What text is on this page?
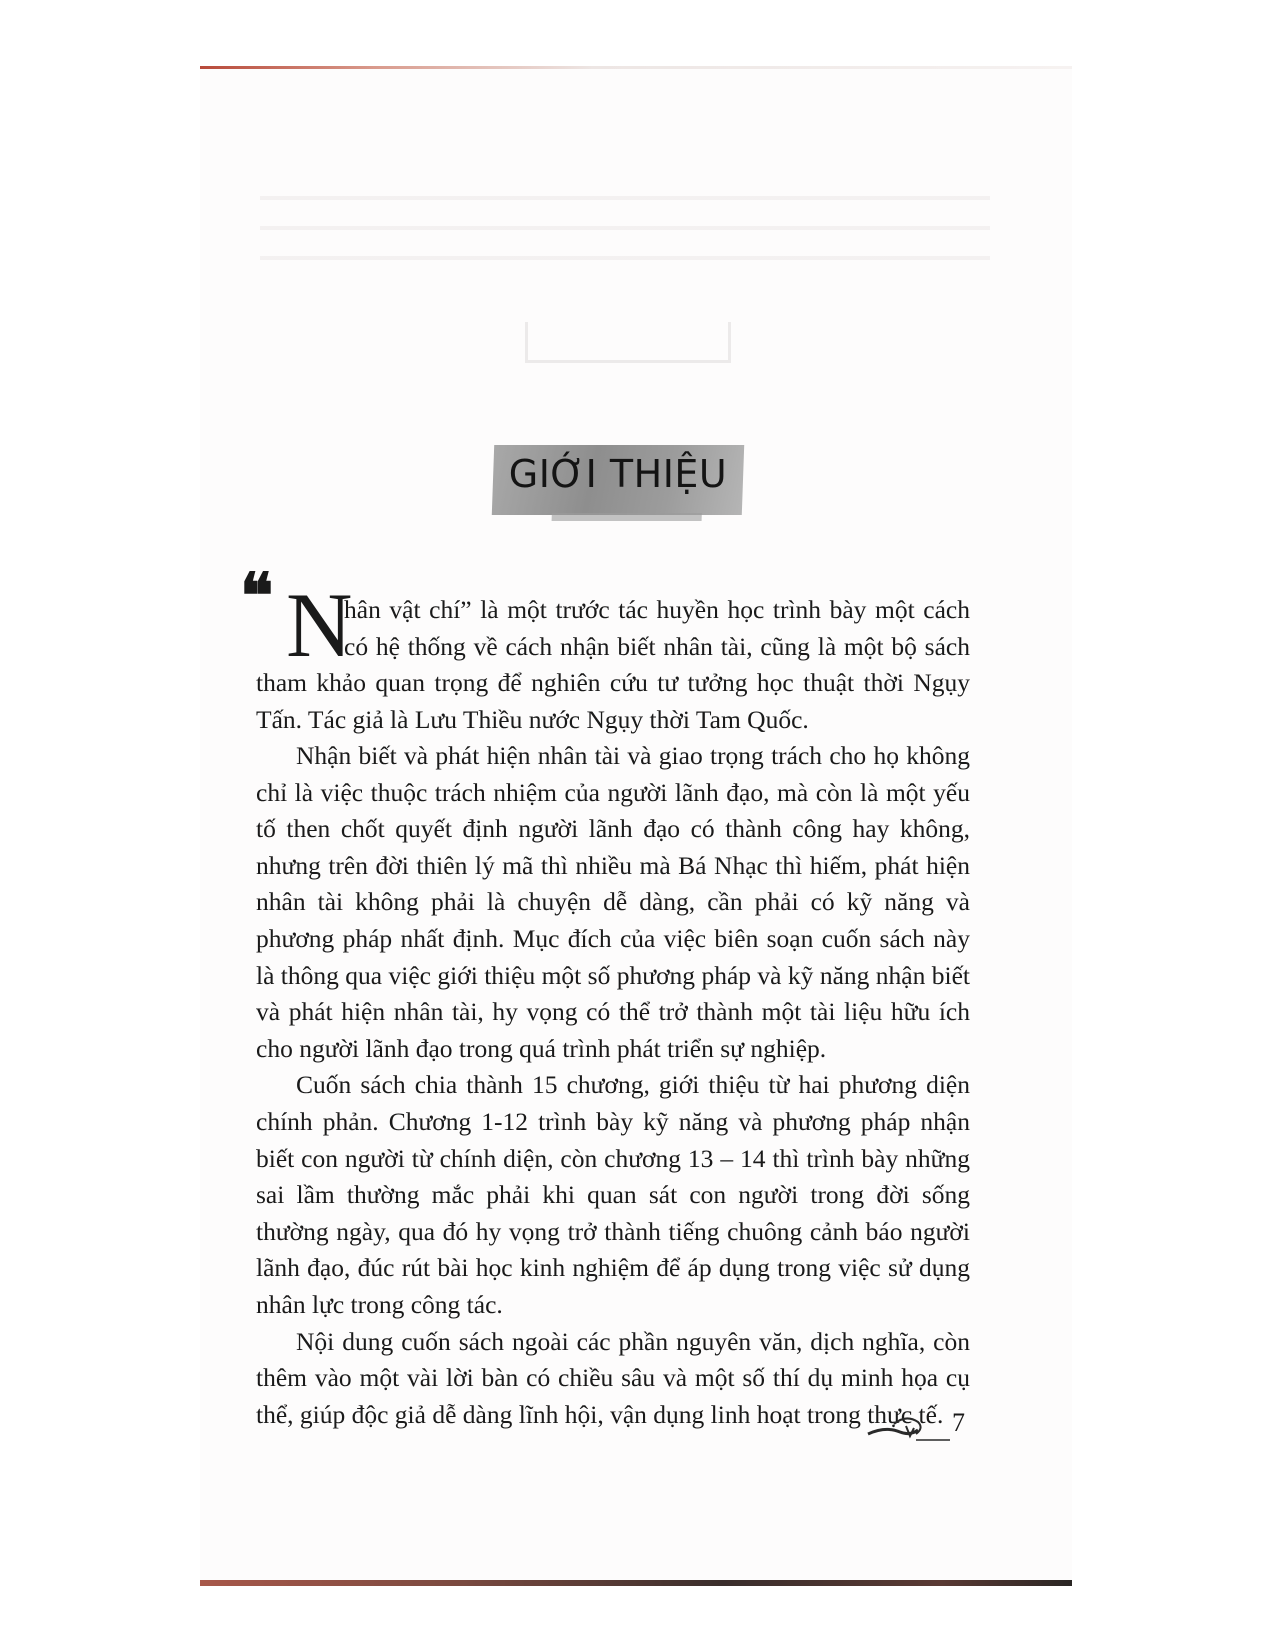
GIỚI THIỆU
❝ N
hân vật chí” là một trước tác huyền học trình bày một cách có hệ thống về cách nhận biết nhân tài, cũng là một bộ sách tham khảo quan trọng để nghiên cứu tư tưởng học thuật thời Ngụy Tấn. Tác giả là Lưu Thiều nước Ngụy thời Tam Quốc.

Nhận biết và phát hiện nhân tài và giao trọng trách cho họ không chỉ là việc thuộc trách nhiệm của người lãnh đạo, mà còn là một yếu tố then chốt quyết định người lãnh đạo có thành công hay không, nhưng trên đời thiên lý mã thì nhiều mà Bá Nhạc thì hiếm, phát hiện nhân tài không phải là chuyện dễ dàng, cần phải có kỹ năng và phương pháp nhất định. Mục đích của việc biên soạn cuốn sách này là thông qua việc giới thiệu một số phương pháp và kỹ năng nhận biết và phát hiện nhân tài, hy vọng có thể trở thành một tài liệu hữu ích cho người lãnh đạo trong quá trình phát triển sự nghiệp.

Cuốn sách chia thành 15 chương, giới thiệu từ hai phương diện chính phản. Chương 1-12 trình bày kỹ năng và phương pháp nhận biết con người từ chính diện, còn chương 13 – 14 thì trình bày những sai lầm thường mắc phải khi quan sát con người trong đời sống thường ngày, qua đó hy vọng trở thành tiếng chuông cảnh báo người lãnh đạo, đúc rút bài học kinh nghiệm để áp dụng trong việc sử dụng nhân lực trong công tác.

Nội dung cuốn sách ngoài các phần nguyên văn, dịch nghĩa, còn thêm vào một vài lời bàn có chiều sâu và một số thí dụ minh họa cụ thể, giúp độc giả dễ dàng lĩnh hội, vận dụng linh hoạt trong thực tế. 7
